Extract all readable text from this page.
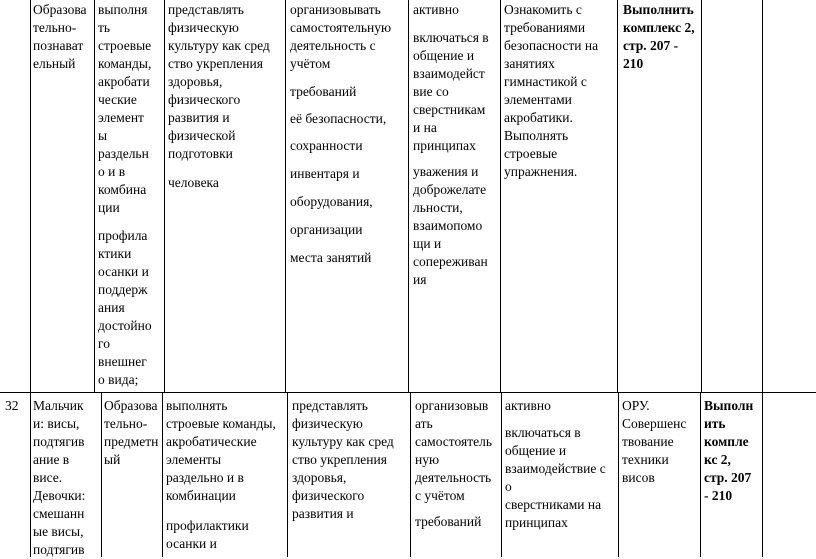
Образова
тельно-
познават
ельный

выполня
ть
строевые
команды,
акробати
ческие
элемент
ы
раздельн
о и в
комбина
ции

профила
ктики
осанки и
поддерж
ания
достойно
го
внешнег
о вида;

представлять
физическую
культуру как сред
ство укрепления
здоровья,
физического
развития и
физической
подготовки

человека

организовывать
самостоятельную
деятельность с
учётом

требований

её безопасности,

сохранности

инвентаря и

оборудования,

организации

места занятий

активно

включаться в
общение и
взаимодейст
вие со
сверстникам
и на
принципах

уважения и
доброжелате
льности,
взаимопомо
щи и
сопереживан
ия

Ознакомить с
требованиями
безопасности на
занятиях
гимнастикой с
элементами
акробатики.
Выполнять
строевые
упражнения.

Выполнить
комплекс 2,

стр. 207 -
210

32	Мальчик
и: висы,
подтягив
ание в
висе.
Девочки:
смешанн
ые висы,
подтягив

Образова
тельно-
предметн
ый

выполнять
строевые команды,
акробатические
элементы
раздельно и в
комбинации

профилактики
осанки и

представлять
физическую
культуру как сред
ство укрепления
здоровья,
физического
развития и

организовыв
ать
самостоятель
ную
деятельность
с учётом

требований

активно

включаться в
общение и
взаимодействие с
о
сверстниками на
принципах

ОРУ.
Совершенс
твование
техники
висов

Выполн

ить
компле
кс 2,
стр. 207
- 210
